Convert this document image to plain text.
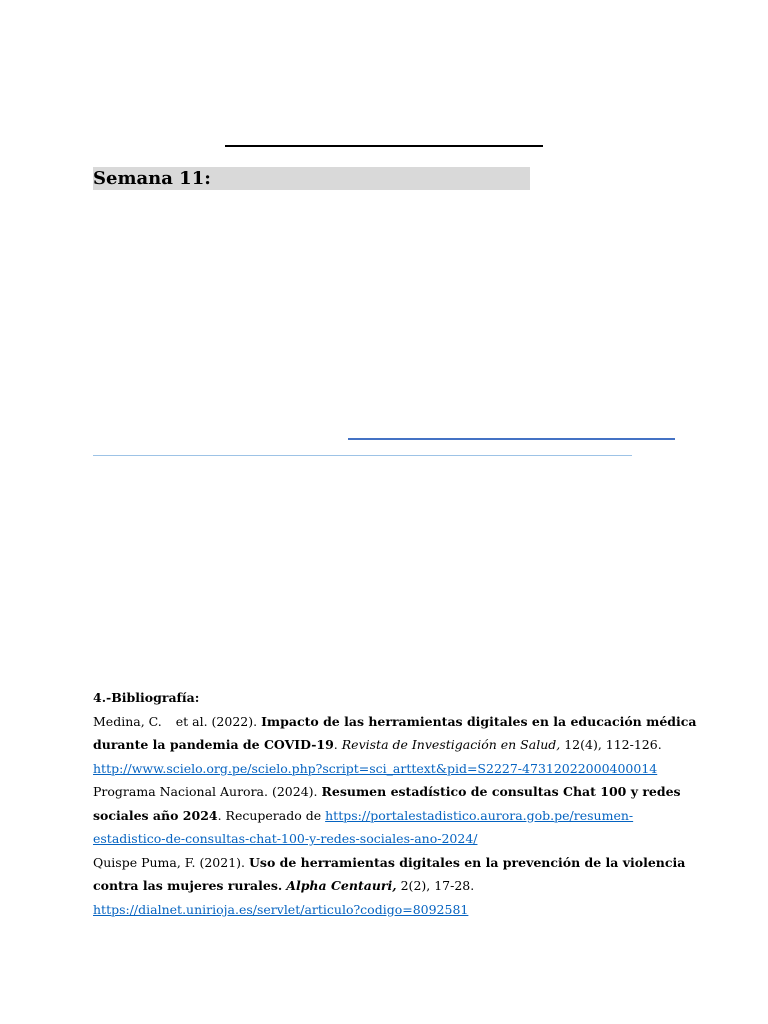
Semana 11:
4.-Bibliografía:
Medina, C. et al. (2022). Impacto de las herramientas digitales en la educación médica
durante la pandemia de COVID-19. Revista de Investigación en Salud, 12(4), 112-126.
http://www.scielo.org.pe/scielo.php?script=sci_arttext&pid=S2227-47312022000400014
Programa Nacional Aurora. (2024). Resumen estadístico de consultas Chat 100 y redes
sociales año 2024. Recuperado de https://portalestadistico.aurora.gob.pe/resumen-
estadistico-de-consultas-chat-100-y-redes-sociales-ano-2024/
Quispe Puma, F. (2021). Uso de herramientas digitales en la prevención de la violencia
contra las mujeres rurales. Alpha Centauri, 2(2), 17-28.
https://dialnet.unirioja.es/servlet/articulo?codigo=8092581
